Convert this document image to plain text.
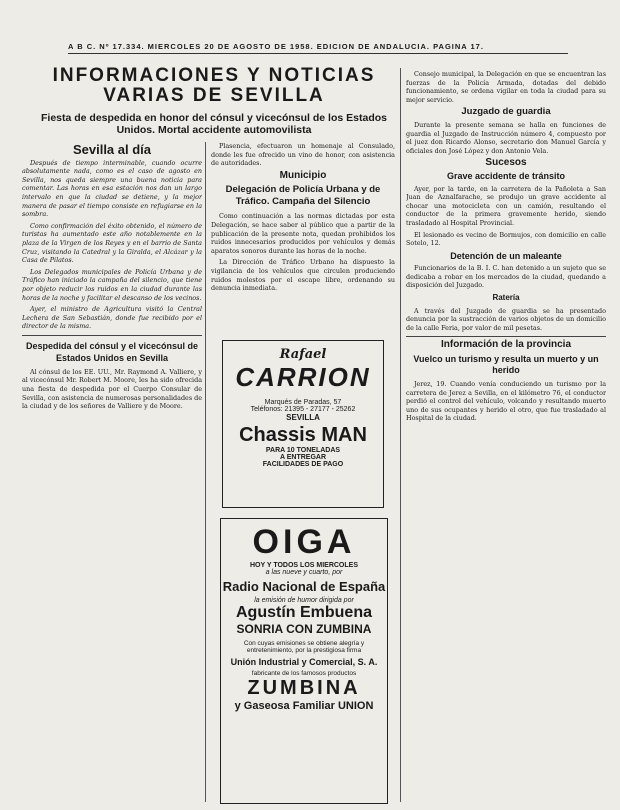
A B C. Nº 17.334. MIERCOLES 20 DE AGOSTO DE 1958. EDICION DE ANDALUCIA. PAGINA 17.
INFORMACIONES Y NOTICIAS
VARIAS DE SEVILLA
Fiesta de despedida en honor del cónsul y vicecónsul de los Estados Unidos. Mortal accidente automovilista
Sevilla al día

Después de tiempo interminable, cuando ocurre absolutamente nada, como es el caso de agosto en Sevilla, nos queda siempre una buena noticia para comentar. Las horas en esa estación nos dan un largo intervalo en que la ciudad se detiene, y la mejor manera de pasar el tiempo consiste en refugiarse en la sombra.

Como confirmación del éxito obtenido, el número de turistas ha aumentado este año notablemente en la plaza de la Virgen de los Reyes y en el barrio de Santa Cruz, visitando la Catedral y la Giralda, el Alcázar y la Casa de Pilatos.

Los Delegados municipales de Policía Urbana y de Tráfico han iniciado la campaña del silencio, que tiene por objeto reducir los ruidos en la ciudad durante las horas de la noche y facilitar el descanso de los vecinos.

Ayer, el ministro de Agricultura visitó la Central Lechera de San Sebastián, donde fue recibido por el director de la misma.

Despedida del cónsul y el vicecónsul de Estados Unidos en Sevilla

Al cónsul de los EE. UU., Mr. Raymond A. Valliere, y al vicecónsul Mr. Robert M. Moore, les ha sido ofrecida una fiesta de despedida por el Cuerpo Consular de Sevilla, con asistencia de numerosas personalidades de la ciudad y de los señores de Valliere y de Moore.

Plasencia, efectuaron un homenaje al Consulado, donde les fue ofrecido un vino de honor, con asistencia de autoridades.

Municipio
Delegación de Policía Urbana y de Tráfico. Campaña del Silencio

Como continuación a las normas dictadas por esta Delegación, se hace saber al público que a partir de la publicación de la presente nota, quedan prohibidos los ruidos innecesarios producidos por vehículos y demás aparatos sonoros durante las horas de la noche.

La Dirección de Tráfico Urbano ha dispuesto la vigilancia de los vehículos que circulen produciendo ruidos molestos por el escape libre, ordenando su denuncia inmediata.

Rafael
CARRION
Marqués de Paradas, 57
Teléfonos: 21395 - 27177 - 25262
SEVILLA
Chassis MAN
PARA 10 TONELADAS
A ENTREGAR
FACILIDADES DE PAGO
OIGA
HOY Y TODOS LOS MIERCOLES
a las nueve y cuarto, por
Radio Nacional de España
la emisión de humor dirigida por
Agustín Embuena
SONRIA CON ZUMBINA
Con cuyas emisiones se obtiene alegría y entretenimiento, por la prestigiosa firma
Unión Industrial y Comercial, S. A.
fabricante de los famosos productos
ZUMBINA
y Gaseosa Familiar UNION

Consejo municipal, la Delegación en que se encuentran las fuerzas de la Policía Armada, dotadas del debido funcionamiento, se ordena vigilar en toda la ciudad para su mejor servicio.

Juzgado de guardia

Durante la presente semana se halla en funciones de guardia el Juzgado de Instrucción número 4, compuesto por el juez don Ricardo Alonso, secretario don Manuel García y oficiales don José López y don Antonio Vela.

Sucesos
Grave accidente de tránsito

Ayer, por la tarde, en la carretera de la Pañoleta a San Juan de Aznalfarache, se produjo un grave accidente al chocar una motocicleta con un camión, resultando el conductor de la primera gravemente herido, siendo trasladado al Hospital Provincial.

El lesionado es vecino de Bormujos, con domicilio en calle Sotelo, 12.

Detención de un maleante

Funcionarios de la B. I. C. han detenido a un sujeto que se dedicaba a robar en los mercados de la ciudad, quedando a disposición del Juzgado.

Ratería

A través del Juzgado de guardia se ha presentado denuncia por la sustracción de varios objetos de un domicilio de la calle Feria, por valor de mil pesetas.

Información de la provincia
Vuelco un turismo y resulta un muerto y un herido

Jerez, 19. Cuando venía conduciendo un turismo por la carretera de Jerez a Sevilla, en el kilómetro 76, el conductor perdió el control del vehículo, volcando y resultando muerto uno de sus ocupantes y herido el otro, que fue trasladado al Hospital de la ciudad.
